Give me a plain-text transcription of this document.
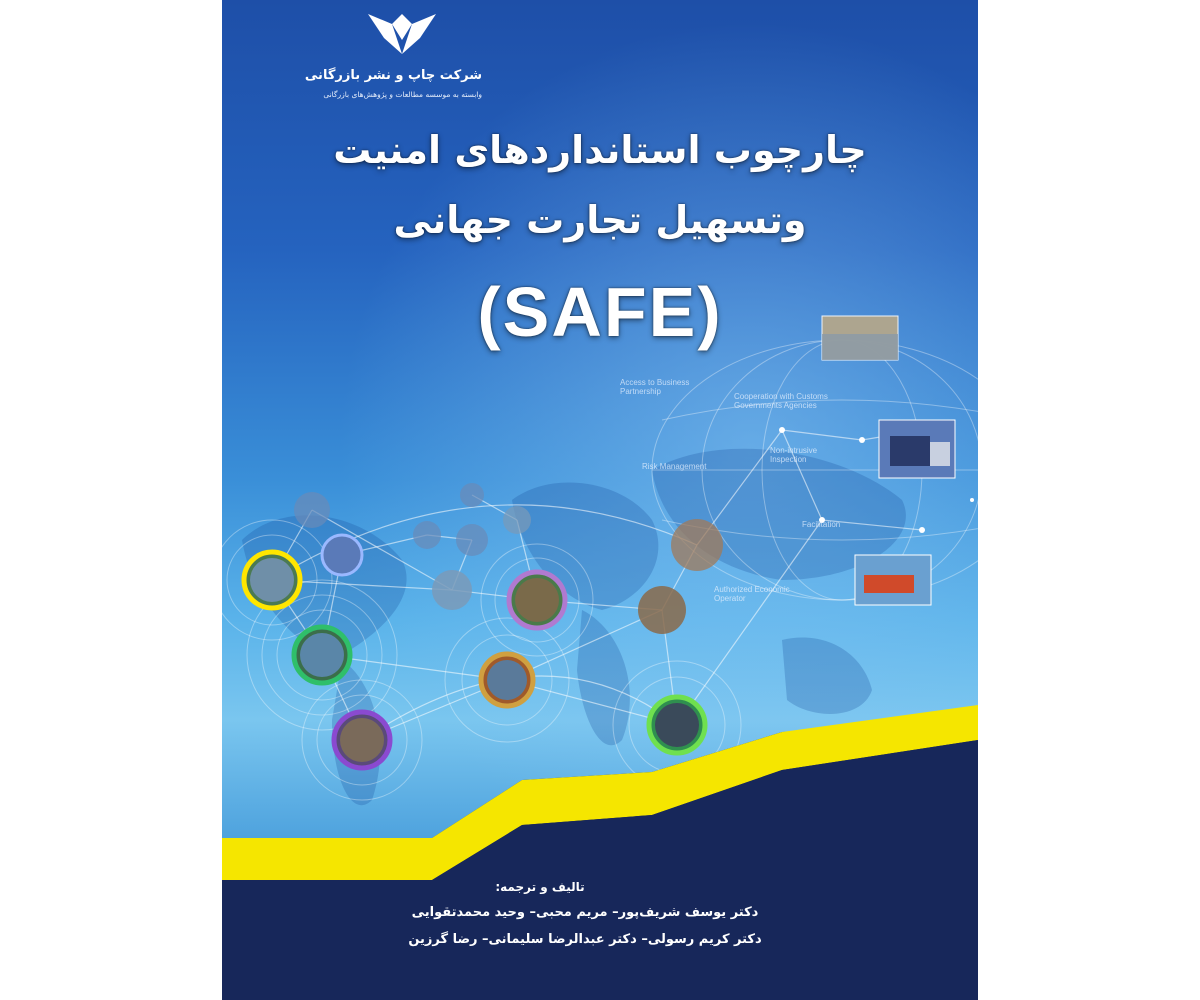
Access to Business Partnership
Cooperation with Customs Governments Agencies
Risk Management
Non-intrusive Inspection
Facilitation
Authorized Economic Operator
شرکت چاپ و نشر بازرگانی
وابسته به موسسه مطالعات و پژوهش‌های بازرگانی
چارچوب استانداردهای امنیت
وتسهیل تجارت جهانی
(SAFE)
تالیف و ترجمه:
دکتر یوسف شریف‌پور– مریم محبی– وحید محمدتقوایی
دکتر کریم رسولی– دکتر عبدالرضا سلیمانی– رضا گرزین
